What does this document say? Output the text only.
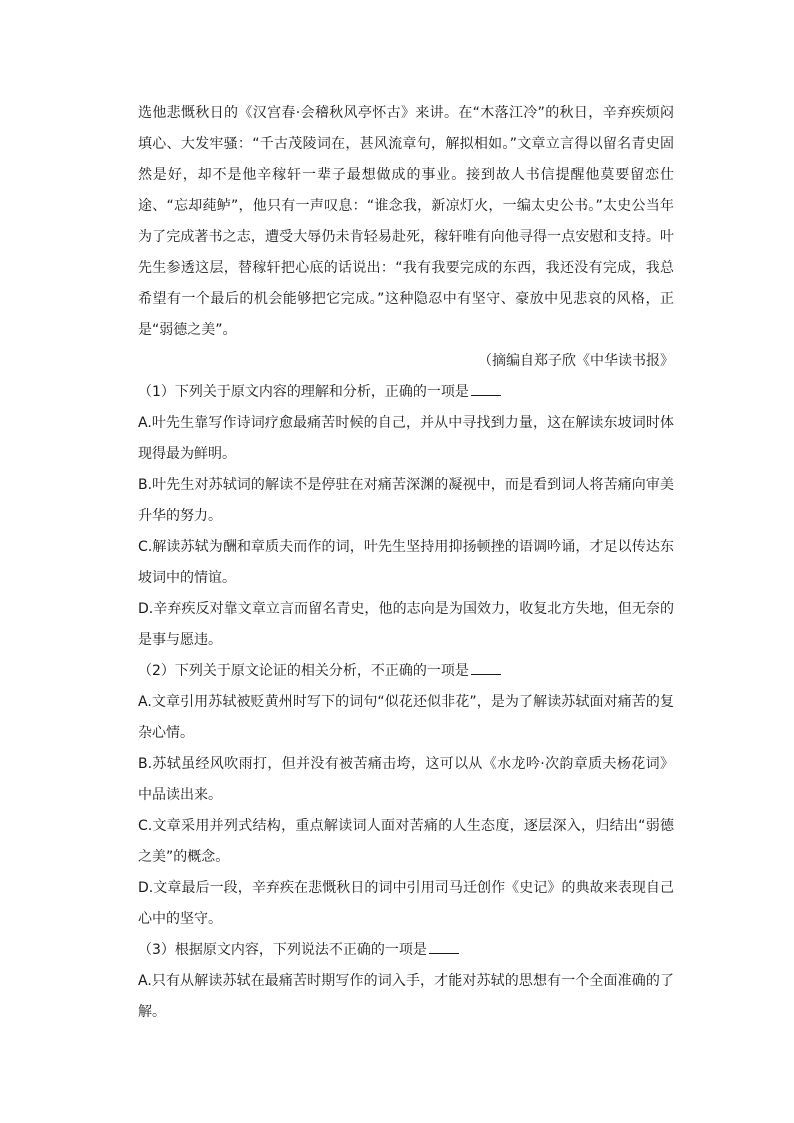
选他悲慨秋日的《汉宫春·会稽秋风亭怀古》来讲。在“木落江冷”的秋日，辛弃疾烦闷填心、大发牢骚：“千古茂陵词在，甚风流章句，解拟相如。”文章立言得以留名青史固然是好，却不是他辛稼轩一辈子最想做成的事业。接到故人书信提醒他莫要留恋仕途、“忘却莼鲈”，他只有一声叹息：“谁念我，新凉灯火，一编太史公书。”太史公当年为了完成著书之志，遭受大辱仍未肯轻易赴死，稼轩唯有向他寻得一点安慰和支持。叶先生参透这层，替稼轩把心底的话说出：“我有我要完成的东西，我还没有完成，我总希望有一个最后的机会能够把它完成。”这种隐忍中有坚守、豪放中见悲哀的风格，正是“弱德之美”。

（摘编自郑子欣《中华读书报》

（1）下列关于原文内容的理解和分析，正确的一项是

A.叶先生靠写作诗词疗愈最痛苦时候的自己，并从中寻找到力量，这在解读东坡词时体现得最为鲜明。

B.叶先生对苏轼词的解读不是停驻在对痛苦深渊的凝视中，而是看到词人将苦痛向审美升华的努力。

C.解读苏轼为酬和章质夫而作的词，叶先生坚持用抑扬顿挫的语调吟诵，才足以传达东坡词中的情谊。

D.辛弃疾反对靠文章立言而留名青史，他的志向是为国效力，收复北方失地，但无奈的是事与愿违。

（2）下列关于原文论证的相关分析，不正确的一项是

A.文章引用苏轼被贬黄州时写下的词句“似花还似非花”，是为了解读苏轼面对痛苦的复杂心情。

B.苏轼虽经风吹雨打，但并没有被苦痛击垮，这可以从《水龙吟·次韵章质夫杨花词》中品读出来。

C.文章采用并列式结构，重点解读词人面对苦痛的人生态度，逐层深入，归结出“弱德之美”的概念。

D.文章最后一段，辛弃疾在悲慨秋日的词中引用司马迁创作《史记》的典故来表现自己心中的坚守。

（3）根据原文内容，下列说法不正确的一项是

A.只有从解读苏轼在最痛苦时期写作的词入手，才能对苏轼的思想有一个全面准确的了解。
